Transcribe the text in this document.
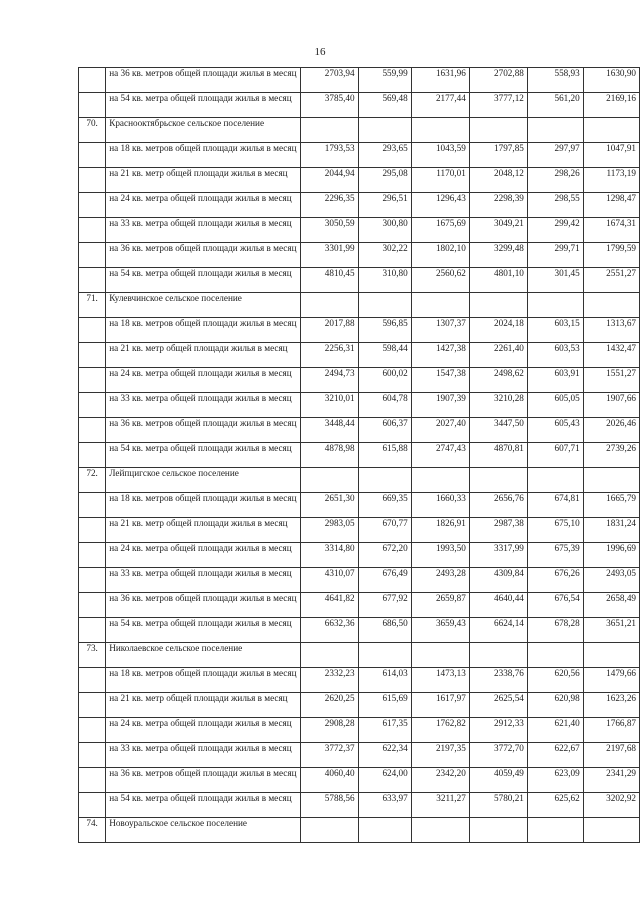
16
	на 36 кв. метров общей площади жилья в месяц	2703,94	559,99	1631,96	2702,88	558,93	1630,90
	на 54 кв. метра общей площади жилья в месяц	3785,40	569,48	2177,44	3777,12	561,20	2169,16
70.	Краснооктябрьское сельское поселение						
	на 18 кв. метров общей площади жилья в месяц	1793,53	293,65	1043,59	1797,85	297,97	1047,91
	на 21 кв. метр общей площади жилья в месяц	2044,94	295,08	1170,01	2048,12	298,26	1173,19
	на 24 кв. метра общей площади жилья в месяц	2296,35	296,51	1296,43	2298,39	298,55	1298,47
	на 33 кв. метра общей площади жилья в месяц	3050,59	300,80	1675,69	3049,21	299,42	1674,31
	на 36 кв. метров общей площади жилья в месяц	3301,99	302,22	1802,10	3299,48	299,71	1799,59
	на 54 кв. метра общей площади жилья в месяц	4810,45	310,80	2560,62	4801,10	301,45	2551,27
71.	Кулевчинское сельское поселение						
	на 18 кв. метров общей площади жилья в месяц	2017,88	596,85	1307,37	2024,18	603,15	1313,67
	на 21 кв. метр общей площади жилья в месяц	2256,31	598,44	1427,38	2261,40	603,53	1432,47
	на 24 кв. метра общей площади жилья в месяц	2494,73	600,02	1547,38	2498,62	603,91	1551,27
	на 33 кв. метра общей площади жилья в месяц	3210,01	604,78	1907,39	3210,28	605,05	1907,66
	на 36 кв. метров общей площади жилья в месяц	3448,44	606,37	2027,40	3447,50	605,43	2026,46
	на 54 кв. метра общей площади жилья в месяц	4878,98	615,88	2747,43	4870,81	607,71	2739,26
72.	Лейпцигское сельское поселение						
	на 18 кв. метров общей площади жилья в месяц	2651,30	669,35	1660,33	2656,76	674,81	1665,79
	на 21 кв. метр общей площади жилья в месяц	2983,05	670,77	1826,91	2987,38	675,10	1831,24
	на 24 кв. метра общей площади жилья в месяц	3314,80	672,20	1993,50	3317,99	675,39	1996,69
	на 33 кв. метра общей площади жилья в месяц	4310,07	676,49	2493,28	4309,84	676,26	2493,05
	на 36 кв. метров общей площади жилья в месяц	4641,82	677,92	2659,87	4640,44	676,54	2658,49
	на 54 кв. метра общей площади жилья в месяц	6632,36	686,50	3659,43	6624,14	678,28	3651,21
73.	Николаевское сельское поселение						
	на 18 кв. метров общей площади жилья в месяц	2332,23	614,03	1473,13	2338,76	620,56	1479,66
	на 21 кв. метр общей площади жилья в месяц	2620,25	615,69	1617,97	2625,54	620,98	1623,26
	на 24 кв. метра общей площади жилья в месяц	2908,28	617,35	1762,82	2912,33	621,40	1766,87
	на 33 кв. метра общей площади жилья в месяц	3772,37	622,34	2197,35	3772,70	622,67	2197,68
	на 36 кв. метров общей площади жилья в месяц	4060,40	624,00	2342,20	4059,49	623,09	2341,29
	на 54 кв. метра общей площади жилья в месяц	5788,56	633,97	3211,27	5780,21	625,62	3202,92
74.	Новоуральское сельское поселение						
